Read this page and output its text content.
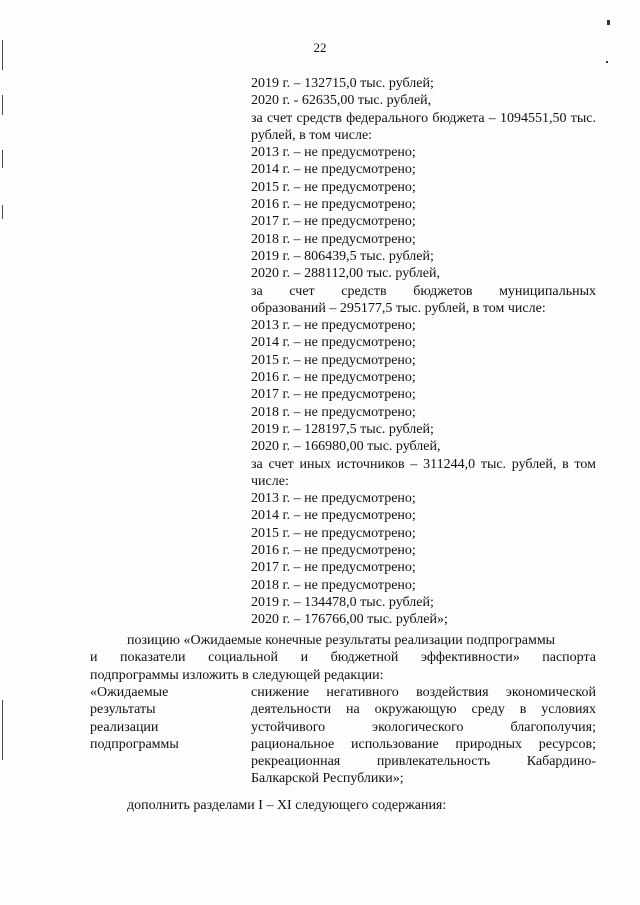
22
2019 г. – 132715,0 тыс. рублей;
2020 г. - 62635,00 тыс. рублей,
за счет средств федерального бюджета – 1094551,50 тыс. рублей, в том числе:
2013 г. – не предусмотрено;
2014 г. – не предусмотрено;
2015 г. – не предусмотрено;
2016 г. – не предусмотрено;
2017 г. – не предусмотрено;
2018 г. – не предусмотрено;
2019 г. – 806439,5 тыс. рублей;
2020 г. – 288112,00 тыс. рублей,
за счет средств бюджетов муниципальных
образований – 295177,5 тыс. рублей, в том числе:
2013 г. – не предусмотрено;
2014 г. – не предусмотрено;
2015 г. – не предусмотрено;
2016 г. – не предусмотрено;
2017 г. – не предусмотрено;
2018 г. – не предусмотрено;
2019 г. – 128197,5 тыс. рублей;
2020 г. – 166980,00 тыс. рублей,
за счет иных источников – 311244,0 тыс. рублей, в том числе:
2013 г. – не предусмотрено;
2014 г. – не предусмотрено;
2015 г. – не предусмотрено;
2016 г. – не предусмотрено;
2017 г. – не предусмотрено;
2018 г. – не предусмотрено;
2019 г. – 134478,0 тыс. рублей;
2020 г. – 176766,00 тыс. рублей»;
позицию «Ожидаемые конечные результаты реализации подпрограммы
и показатели социальной и бюджетной эффективности» паспорта
подпрограммы изложить в следующей редакции:
«Ожидаемые
результаты
реализации
подпрограммы
снижение негативного воздействия экономической
деятельности на окружающую среду в условиях
устойчивого экологического благополучия;
рациональное использование природных ресурсов;
рекреационная привлекательность Кабардино-
Балкарской Республики»;
дополнить разделами I – XI следующего содержания:
